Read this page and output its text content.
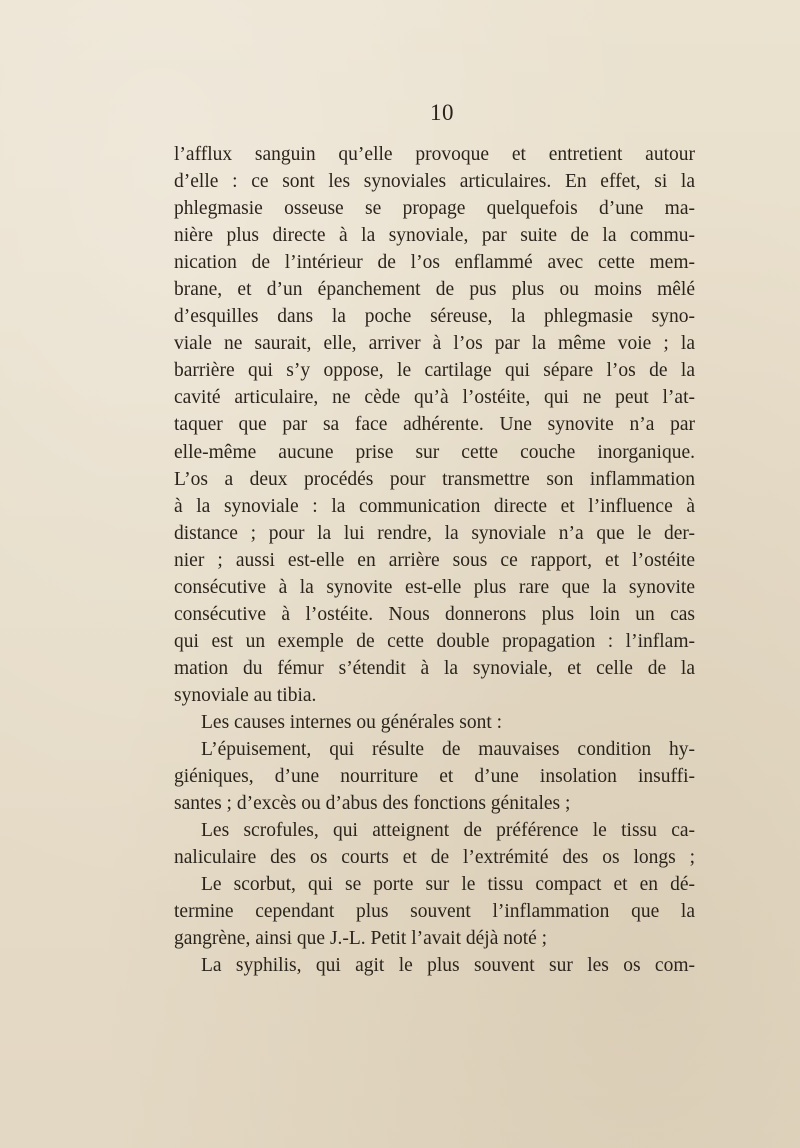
10
l’afflux sanguin qu’elle provoque et entretient autour
d’elle : ce sont les synoviales articulaires. En effet, si la
phlegmasie osseuse se propage quelquefois d’une ma-
nière plus directe à la synoviale, par suite de la commu-
nication de l’intérieur de l’os enflammé avec cette mem-
brane, et d’un épanchement de pus plus ou moins mêlé
d’esquilles dans la poche séreuse, la phlegmasie syno-
viale ne saurait, elle, arriver à l’os par la même voie ; la
barrière qui s’y oppose, le cartilage qui sépare l’os de la
cavité articulaire, ne cède qu’à l’ostéite, qui ne peut l’at-
taquer que par sa face adhérente. Une synovite n’a par
elle-même aucune prise sur cette couche inorganique.
L’os a deux procédés pour transmettre son inflammation
à la synoviale : la communication directe et l’influence à
distance ; pour la lui rendre, la synoviale n’a que le der-
nier ; aussi est-elle en arrière sous ce rapport, et l’ostéite
consécutive à la synovite est-elle plus rare que la synovite
consécutive à l’ostéite. Nous donnerons plus loin un cas
qui est un exemple de cette double propagation : l’inflam-
mation du fémur s’étendit à la synoviale, et celle de la
synoviale au tibia.
Les causes internes ou générales sont :
L’épuisement, qui résulte de mauvaises condition hy-
giéniques, d’une nourriture et d’une insolation insuffi-
santes ; d’excès ou d’abus des fonctions génitales ;
Les scrofules, qui atteignent de préférence le tissu ca-
naliculaire des os courts et de l’extrémité des os longs ;
Le scorbut, qui se porte sur le tissu compact et en dé-
termine cependant plus souvent l’inflammation que la
gangrène, ainsi que J.-L. Petit l’avait déjà noté ;
La syphilis, qui agit le plus souvent sur les os com-
